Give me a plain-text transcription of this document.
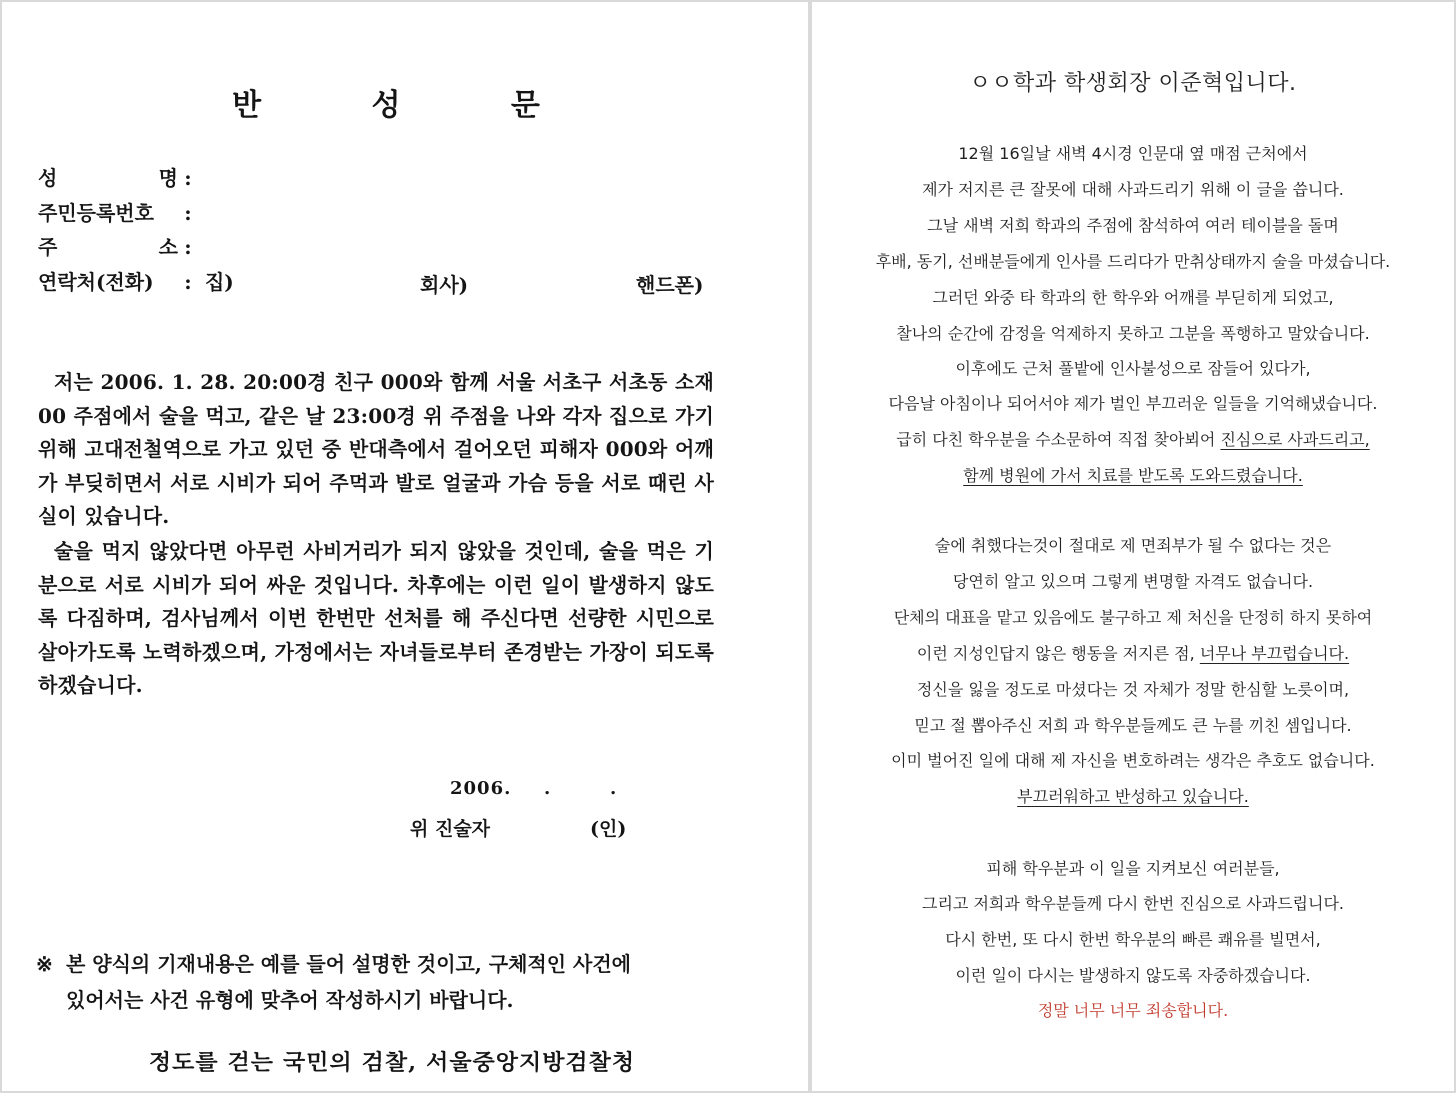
반 성 문
성 명 :
주민등록번호 :
주 소 :
연락처(전화) : 집)	회사)	핸드폰)

저는 2006. 1. 28. 20:00경 친구 000와 함께 서울 서초구 서초동 소재 00 주점에서 술을 먹고, 같은 날 23:00경 위 주점을 나와 각자 집으로 가기 위해 고대전철역으로 가고 있던 중 반대측에서 걸어오던 피해자 000와 어깨가 부딪히면서 서로 시비가 되어 주먹과 발로 얼굴과 가슴 등을 서로 때린 사실이 있습니다.

술을 먹지 않았다면 아무런 사비거리가 되지 않았을 것인데, 술을 먹은 기분으로 서로 시비가 되어 싸운 것입니다. 차후에는 이런 일이 발생하지 않도록 다짐하며, 검사님께서 이번 한번만 선처를 해 주신다면 선량한 시민으로 살아가도록 노력하겠으며, 가정에서는 자녀들로부터 존경받는 가장이 되도록 하겠습니다.

2006. .	.
위 진술자	(인)
※ 본 양식의 기재내용은 예를 들어 설명한 것이고, 구체적인 사건에
있어서는 사건 유형에 맞추어 작성하시기 바랍니다.
정도를 걷는 국민의 검찰, 서울중앙지방검찰청
ㅇㅇ학과 학생회장 이준혁입니다.
12월 16일날 새벽 4시경 인문대 옆 매점 근처에서
제가 저지른 큰 잘못에 대해 사과드리기 위해 이 글을 씁니다.
그날 새벽 저희 학과의 주점에 참석하여 여러 테이블을 돌며
후배, 동기, 선배분들에게 인사를 드리다가 만취상태까지 술을 마셨습니다.
그러던 와중 타 학과의 한 학우와 어깨를 부딛히게 되었고,
찰나의 순간에 감정을 억제하지 못하고 그분을 폭행하고 말았습니다.
이후에도 근처 풀밭에 인사불성으로 잠들어 있다가,
다음날 아침이나 되어서야 제가 벌인 부끄러운 일들을 기억해냈습니다.
급히 다친 학우분을 수소문하여 직접 찾아뵈어 진심으로 사과드리고,
함께 병원에 가서 치료를 받도록 도와드렸습니다.
술에 취했다는것이 절대로 제 면죄부가 될 수 없다는 것은
당연히 알고 있으며 그렇게 변명할 자격도 없습니다.
단체의 대표을 맡고 있음에도 불구하고 제 처신을 단정히 하지 못하여
이런 지성인답지 않은 행동을 저지른 점, 너무나 부끄럽습니다.
정신을 잃을 정도로 마셨다는 것 자체가 정말 한심할 노릇이며,
믿고 절 뽑아주신 저희 과 학우분들께도 큰 누를 끼친 셈입니다.
이미 벌어진 일에 대해 제 자신을 변호하려는 생각은 추호도 없습니다.
부끄러워하고 반성하고 있습니다.
피해 학우분과 이 일을 지켜보신 여러분들,
그리고 저희과 학우분들께 다시 한번 진심으로 사과드립니다.
다시 한번, 또 다시 한번 학우분의 빠른 쾌유를 빌면서,
이런 일이 다시는 발생하지 않도록 자중하겠습니다.
정말 너무 너무 죄송합니다.
